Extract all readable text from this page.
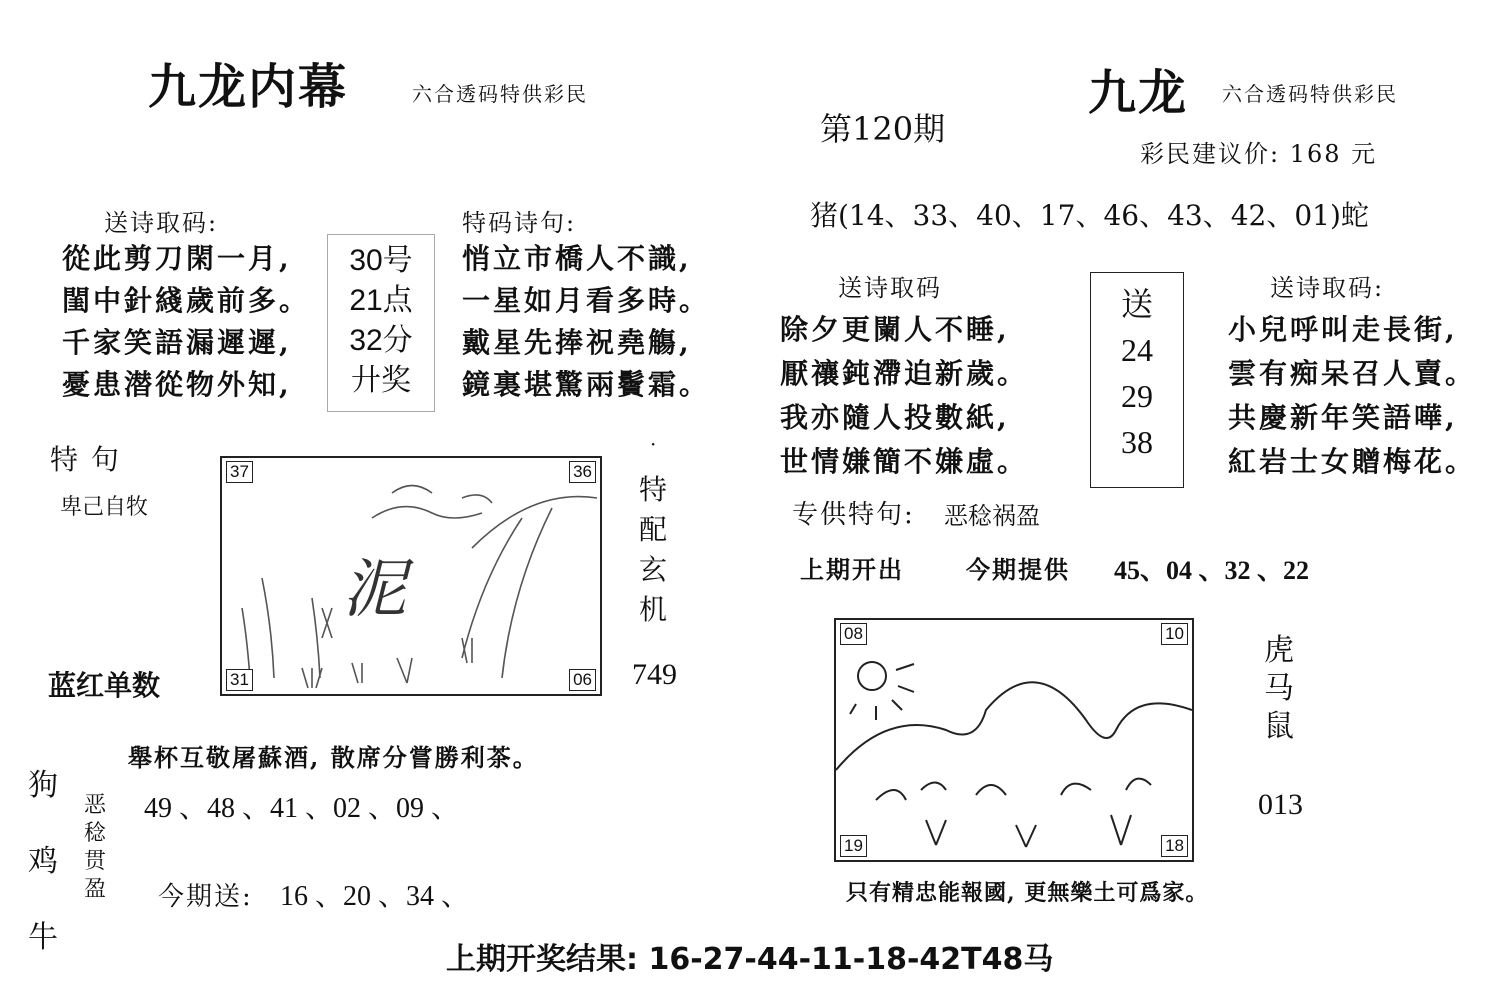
九龙内幕	六合透码特供彩民
送诗取码:
從此剪刀閑一月,
閨中針綫歲前多。
千家笑語漏遲遲,
憂患潜從物外知,
30号
21点
32分
廾奖
特码诗句:
悄立市橋人不識,
一星如月看多時。
戴星先捧祝堯觴,
鏡裏堪驚兩鬢霜。
特 句
卑己自牧
蓝红单数
泥
37	36
31	06
·
特配玄机
749
舉杯互敬屠蘇酒, 散席分嘗勝利茶。
狗
鸡
牛
恶
稔
贯
盈
49 、48 、41 、02 、09 、
今期送: 16 、20 、34 、
第120期
九龙 六合透码特供彩民
彩民建议价: 168 元
猪(14、33、40、17、46、43、42、01)蛇
送诗取码
除夕更闌人不睡,
厭禳鈍滯迫新歲。
我亦隨人投數紙,
世情嫌簡不嫌虛。
送
24
29
38
送诗取码:
小兒呼叫走長街,
雲有痴呆召人賣。
共慶新年笑語嘩,
紅岩士女贈梅花。
专供特句: 恶稔祸盈
上期开出	今期提供 45、04 、32 、22
08	10
19	18
虎
马
鼠
013
只有精忠能報國, 更無樂土可爲家。
上期开奖结果: 16-27-44-11-18-42T48马
